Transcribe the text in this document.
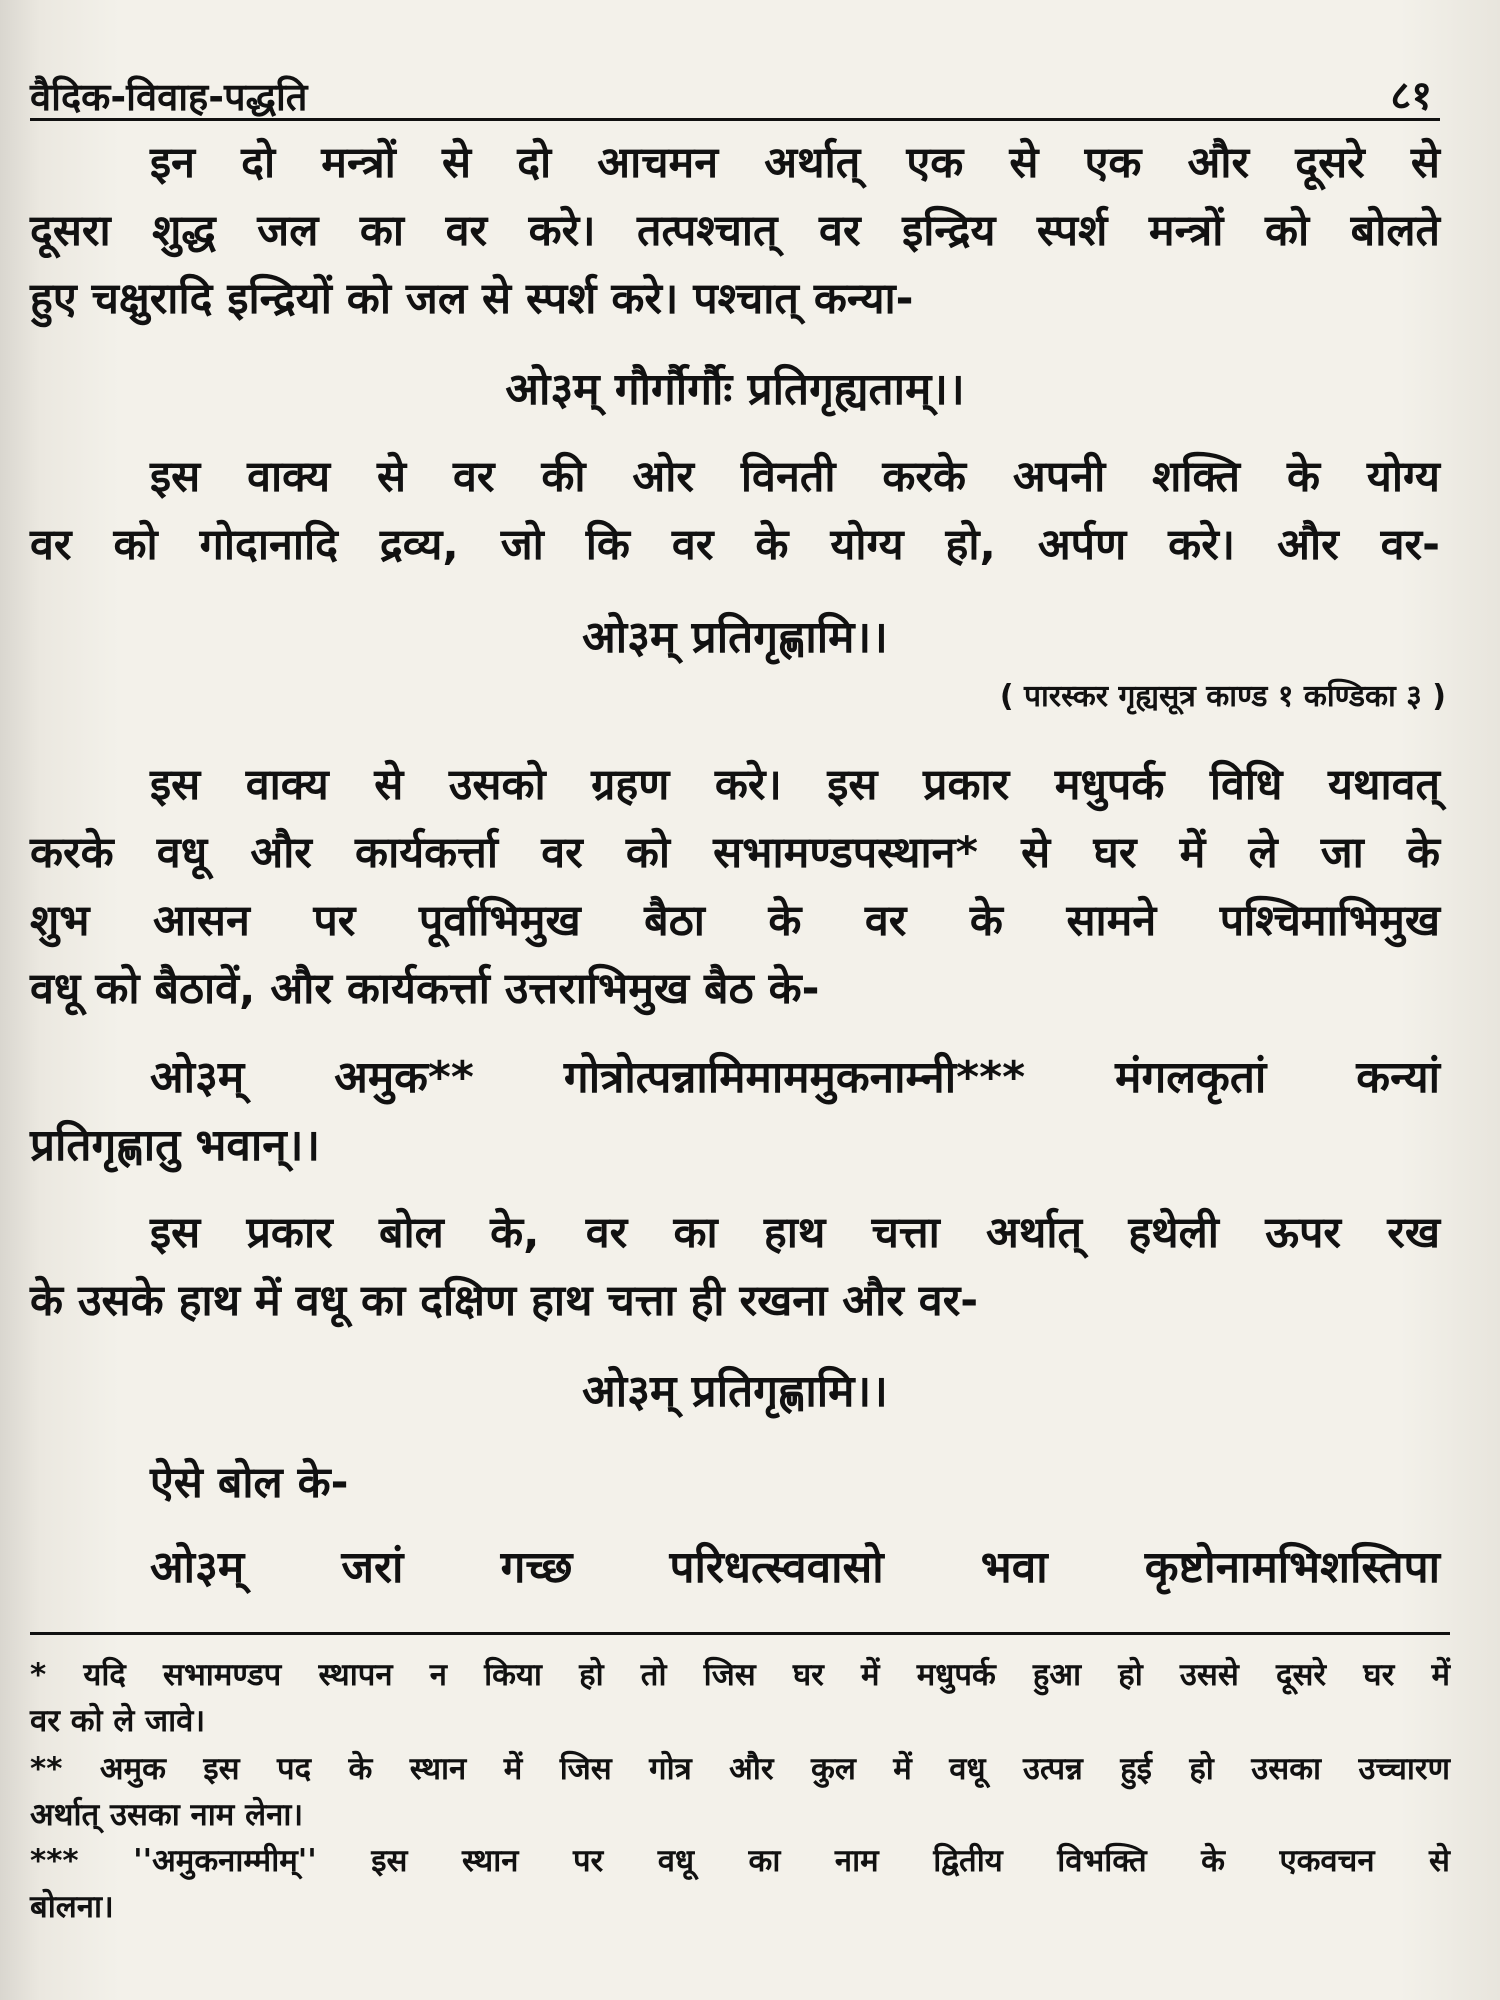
वैदिक-विवाह-पद्धति	८१
इन दो मन्त्रों से दो आचमन अर्थात् एक से एक और दूसरे से
दूसरा शुद्ध जल का वर करे। तत्पश्चात् वर इन्द्रिय स्पर्श मन्त्रों को बोलते
हुए चक्षुरादि इन्द्रियों को जल से स्पर्श करे। पश्चात् कन्या-
ओ३म् गौर्गौर्गौः प्रतिगृह्यताम्।।
इस वाक्य से वर की ओर विनती करके अपनी शक्ति के योग्य
वर को गोदानादि द्रव्य, जो कि वर के योग्य हो, अर्पण करे। और वर-
ओ३म् प्रतिगृह्णामि।।
( पारस्कर गृह्यसूत्र काण्ड १ कण्डिका ३ )
इस वाक्य से उसको ग्रहण करे। इस प्रकार मधुपर्क विधि यथावत्
करके वधू और कार्यकर्त्ता वर को सभामण्डपस्थान* से घर में ले जा के
शुभ आसन पर पूर्वाभिमुख बैठा के वर के सामने पश्चिमाभिमुख
वधू को बैठावें, और कार्यकर्त्ता उत्तराभिमुख बैठ के-
ओ३म् अमुक** गोत्रोत्पन्नामिमाममुकनाम्नी*** मंगलकृतां कन्यां
प्रतिगृह्णातु भवान्।।
इस प्रकार बोल के, वर का हाथ चत्ता अर्थात् हथेली ऊपर रख
के उसके हाथ में वधू का दक्षिण हाथ चत्ता ही रखना और वर-
ओ३म् प्रतिगृह्णामि।।
ऐसे बोल के-
ओ३म् जरां गच्छ परिधत्स्ववासो भवा कृष्टोनामभिशस्तिपा
* यदि सभामण्डप स्थापन न किया हो तो जिस घर में मधुपर्क हुआ हो उससे दूसरे घर में
वर को ले जावे।
** अमुक इस पद के स्थान में जिस गोत्र और कुल में वधू उत्पन्न हुई हो उसका उच्चारण
अर्थात् उसका नाम लेना।
*** ''अमुकनाम्मीम्'' इस स्थान पर वधू का नाम द्वितीय विभक्ति के एकवचन से
बोलना।
